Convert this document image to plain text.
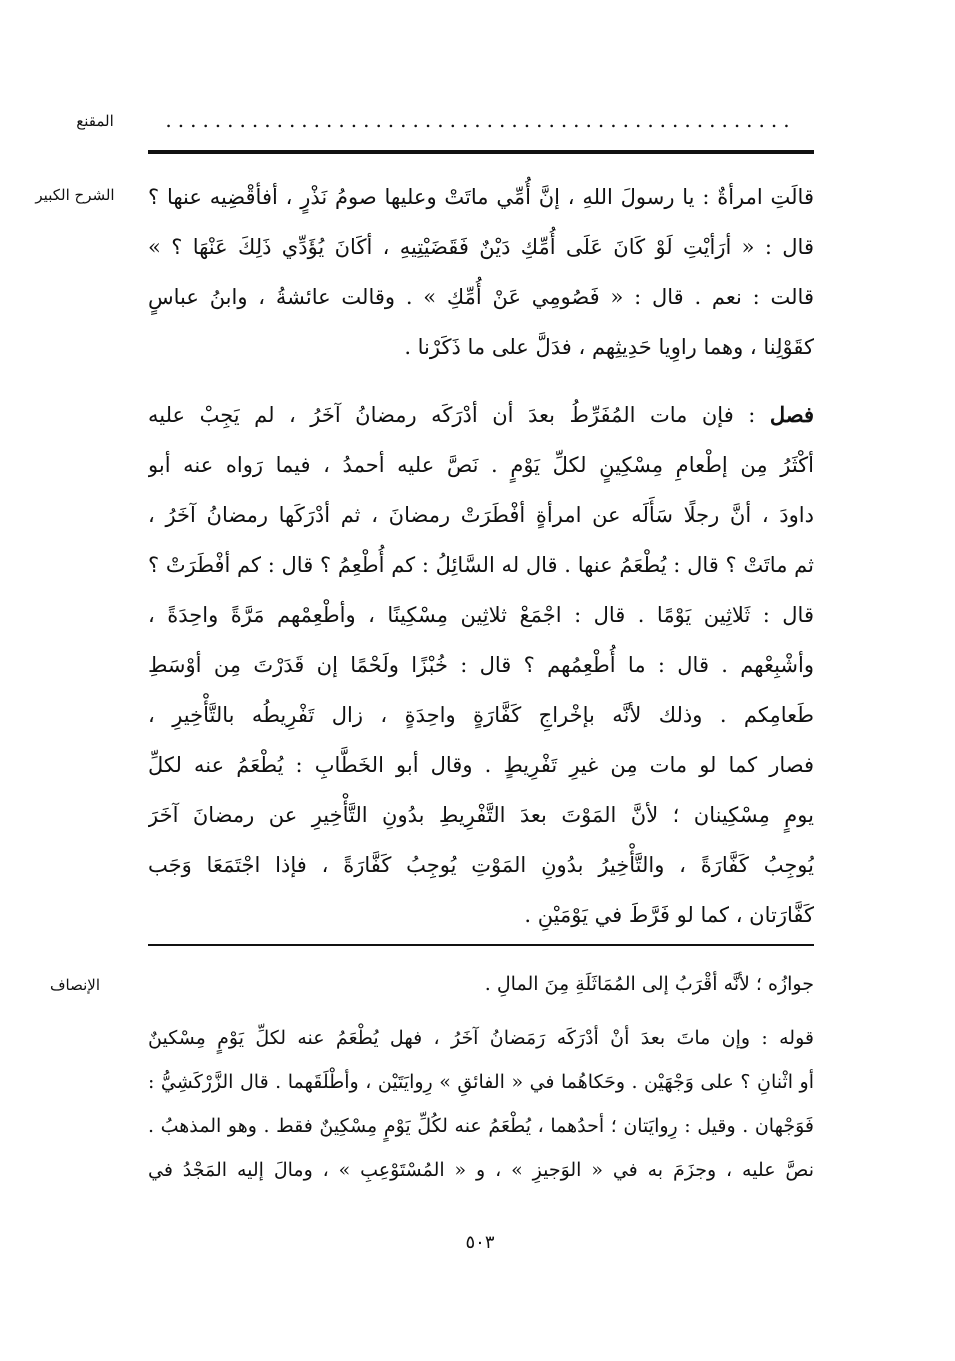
المقنع	...................................................
الشرح الكبير	قالَتِ امرأةٌ : يا رسولَ اللهِ ، إنَّ أُمِّي ماتَتْ وعليها صومُ نَذْرٍ ، أفأقْضِيه عنها ؟
قال : « أرَأيْتِ لَوْ كَانَ عَلَى أُمِّكِ دَيْنٌ فَقَضَيْتِيهِ ، أكَانَ يُؤَدِّي ذَلِكَ عَنْهَا ؟ »
قالت : نعم . قال : « فَصُومِي عَنْ أُمِّكِ » . وقالت عائشةُ ، وابنُ عباسٍ
كقَوْلِنا ، وهما راوِيا حَدِيثِهم ، فدَلَّ على ما ذَكَرْنا .
فصل : فإن مات المُفَرِّطُ بعدَ أن أدْرَكَه رمضانُ آخَرُ ، لم يَجِبْ عليه
أكْثَرُ مِن إطْعامِ مِسْكِينٍ لكلِّ يَوْمٍ . نَصَّ عليه أحمدُ ، فيما رَواه عنه أبو
داودَ ، أنَّ رجلًا سَأَلَه عن امرأةٍ أفْطَرَتْ رمضانَ ، ثم أدْرَكَها رمضانُ آخَرُ ،
ثم ماتَتْ ؟ قال : يُطْعَمُ عنها . قال له السَّائِلُ : كم أُطْعِمُ ؟ قال : كم أفْطَرَتْ ؟
قال : ثَلاثِين يَوْمًا . قال : اجْمَعْ ثلاثِين مِسْكِينًا ، وأطْعِمْهم مَرَّةً واحِدَةً ،
وأشْبِعْهم . قال : ما أُطْعِمُهم ؟ قال : خُبْزًا ولَحْمًا إن قَدَرْتَ مِن أوْسَطِ
طَعامِكم . وذلك لأنَّه بإخْراجِ كَفَّارَةٍ واحِدَةٍ ، زال تَفْرِيطُه بالتَّأْخِيرِ ،
فصار كما لو مات مِن غيرِ تَفْرِيطٍ . وقال أبو الخَطَّابِ : يُطْعَمُ عنه لكلِّ
يومٍ مِسْكِينان ؛ لأنَّ المَوْتَ بعدَ التَّفْرِيطِ بدُونِ التَّأْخِيرِ عن رمضانَ آخَرَ
يُوجِبُ كَفَّارَةً ، والتَّأْخِيرُ بدُونِ المَوْتِ يُوجِبُ كَفَّارَةً ، فإذا اجْتَمَعَا وَجَب
كَفَّارَتان ، كما لو فَرَّطَ في يَوْمَيْنِ .
الإنصاف	جوازُه ؛ لأنَّه أقْرَبُ إلى المُمَاثَلَةِ مِنَ المالِ .
قوله : وإن ماتَ بعدَ أنْ أدْرَكَه رَمَضانُ آخَرُ ، فهل يُطْعَمُ عنه لكلِّ يَوْمٍ مِسْكينٌ
أو اثْنانِ ؟ على وَجْهَيْن . وحَكاهُما في « الفائقِ » رِوايَتَيْن ، وأطْلَقَهما . قال الزَّرْكَشِيُّ :
فَوَجْهان . وقيل : رِوايَتان ؛ أحدُهما ، يُطْعَمُ عنه لكُلِّ يَوْمٍ مِسْكِينٌ فقط . وهو المذهبُ .
نصَّ عليه ، وجزَمَ به في « الوَجيزِ » ، و « المُسْتَوْعِبِ » ، ومالَ إليه المَجْدُ في
٥٠٣
